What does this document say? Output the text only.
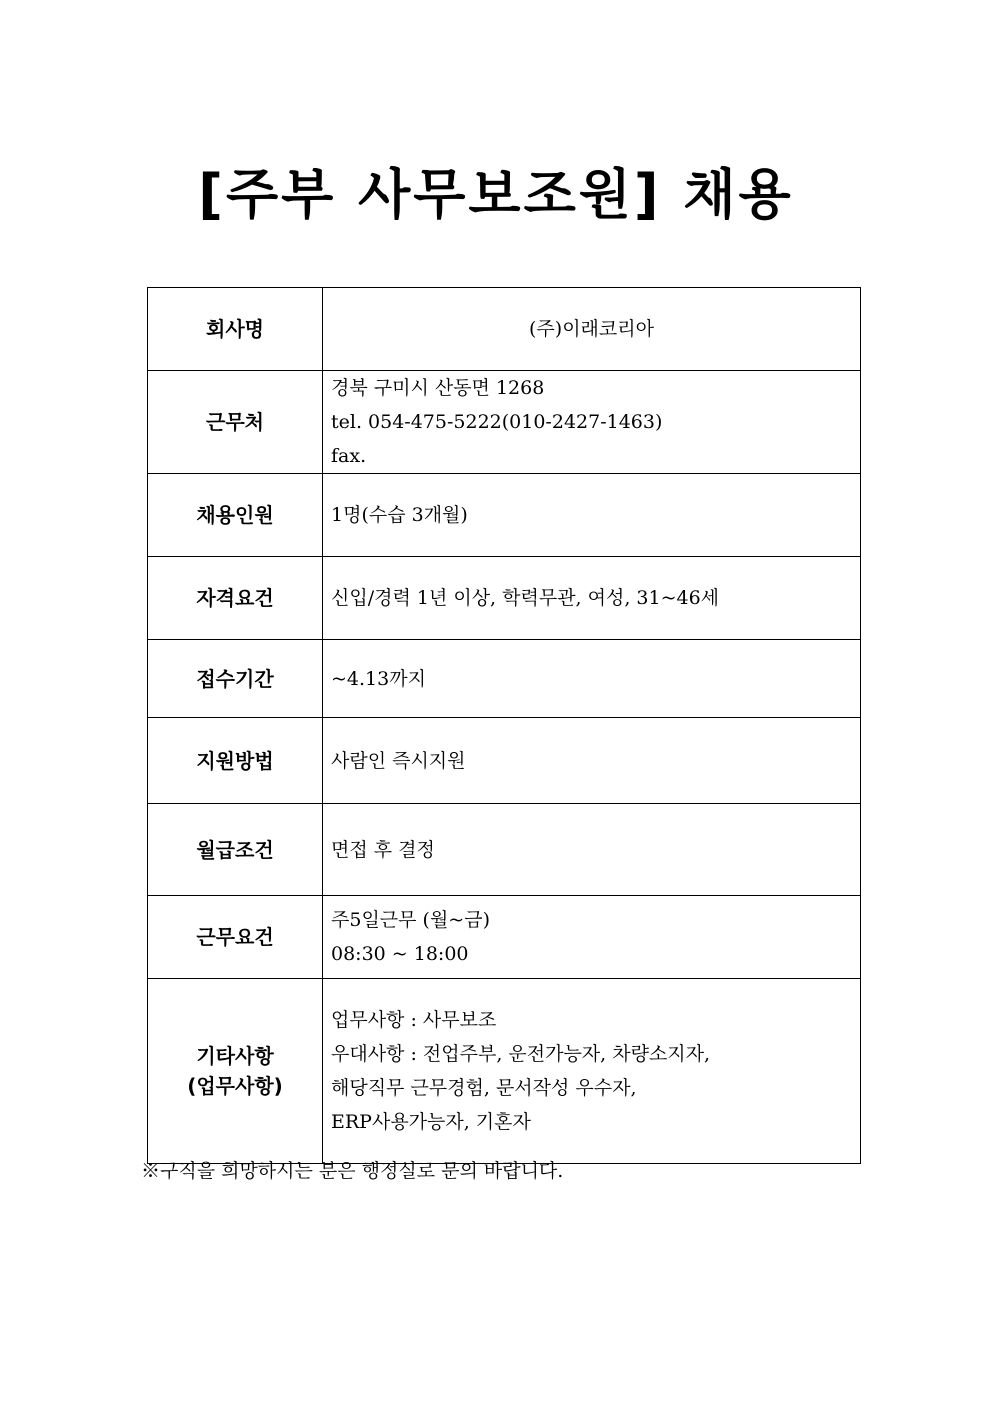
[주부 사무보조원] 채용
회사명	(주)이래코리아

근무처	경북 구미시 산동면 1268
tel. 054-475-5222(010-2427-1463)
fax.

채용인원	1명(수습 3개월)

자격요건	신입/경력 1년 이상, 학력무관, 여성, 31~46세

접수기간	~4.13까지

지원방법	사람인 즉시지원

월급조건	면접 후 결정

근무요건	주5일근무 (월~금)
08:30 ~ 18:00

기타사항
(업무사항)	업무사항 : 사무보조
우대사항 : 전업주부, 운전가능자, 차량소지자,
해당직무 근무경험, 문서작성 우수자,
ERP사용가능자, 기혼자

※구직을 희망하시는 분은 행정실로 문의 바랍니다.
